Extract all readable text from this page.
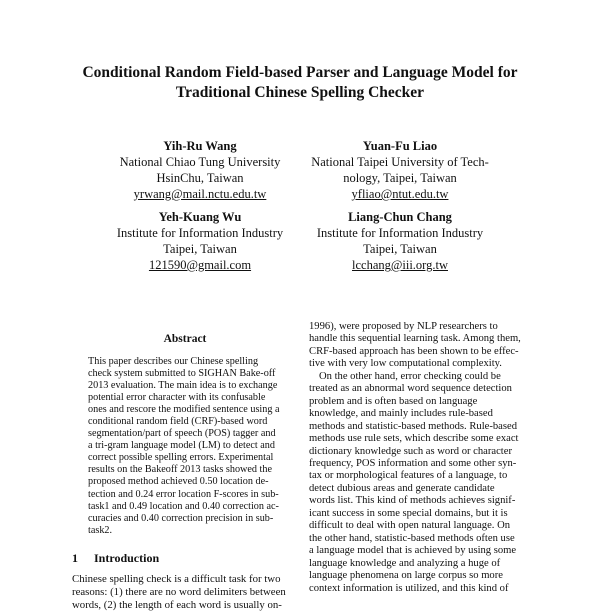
Conditional Random Field-based Parser and Language Model for
Traditional Chinese Spelling Checker
Yih-Ru Wang
National Chiao Tung University
HsinChu, Taiwan
yrwang@mail.nctu.edu.tw
Yuan-Fu Liao
National Taipei University of Tech-
nology, Taipei, Taiwan
yfliao@ntut.edu.tw
Yeh-Kuang Wu
Institute for Information Industry
Taipei, Taiwan
121590@gmail.com
Liang-Chun Chang
Institute for Information Industry
Taipei, Taiwan
lcchang@iii.org.tw
Abstract
This paper describes our Chinese spelling
check system submitted to SIGHAN Bake-off
2013 evaluation. The main idea is to exchange
potential error character with its confusable
ones and rescore the modified sentence using a
conditional random field (CRF)-based word
segmentation/part of speech (POS) tagger and
a tri-gram language model (LM) to detect and
correct possible spelling errors. Experimental
results on the Bakeoff 2013 tasks showed the
proposed method achieved 0.50 location de-
tection and 0.24 error location F-scores in sub-
task1 and 0.49 location and 0.40 correction ac-
curacies and 0.40 correction precision in sub-
task2.
1 Introduction
Chinese spelling check is a difficult task for two
reasons: (1) there are no word delimiters between
words, (2) the length of each word is usually on-
1996), were proposed by NLP researchers to
handle this sequential learning task. Among them,
CRF-based approach has been shown to be effec-
tive with very low computational complexity.
On the other hand, error checking could be
treated as an abnormal word sequence detection
problem and is often based on language
knowledge, and mainly includes rule-based
methods and statistic-based methods. Rule-based
methods use rule sets, which describe some exact
dictionary knowledge such as word or character
frequency, POS information and some other syn-
tax or morphological features of a language, to
detect dubious areas and generate candidate
words list. This kind of methods achieves signif-
icant success in some special domains, but it is
difficult to deal with open natural language. On
the other hand, statistic-based methods often use
a language model that is achieved by using some
language knowledge and analyzing a huge of
language phenomena on large corpus so more
context information is utilized, and this kind of
